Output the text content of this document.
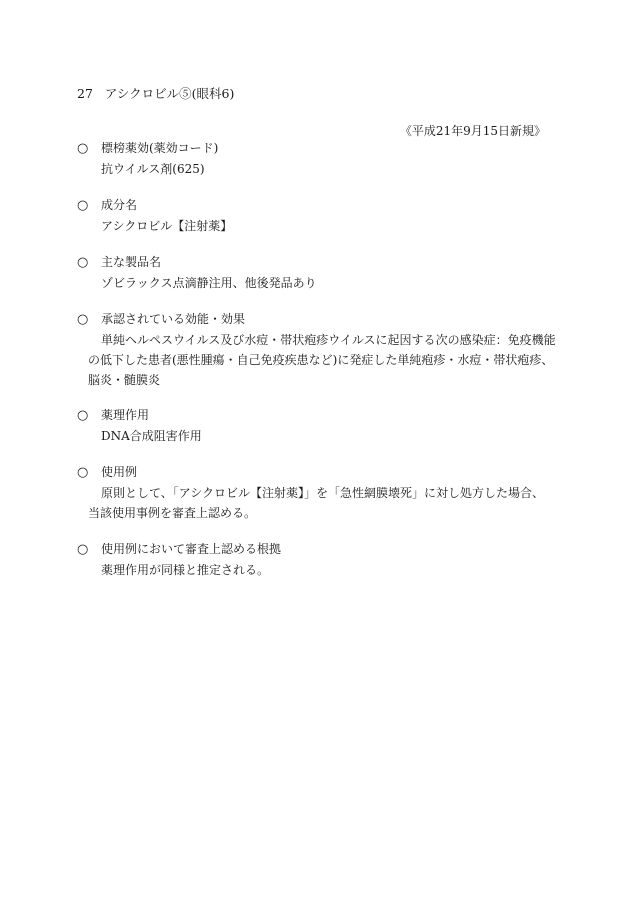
27 アシクロビル⑤(眼科6)
《平成21年9月15日新規》
○	標榜薬効(薬効コード)
抗ウイルス剤(625)
○	成分名
アシクロビル【注射薬】
○	主な製品名
ゾビラックス点滴静注用、他後発品あり
○	承認されている効能・効果
単純ヘルペスウイルス及び水痘・帯状疱疹ウイルスに起因する次の感染症：免疫機能
の低下した患者(悪性腫瘍・自己免疫疾患など)に発症した単純疱疹・水痘・帯状疱疹、
脳炎・髄膜炎
○	薬理作用
DNA合成阻害作用
○	使用例
原則として、「アシクロビル【注射薬】」を「急性網膜壊死」に対し処方した場合、
当該使用事例を審査上認める。
○	使用例において審査上認める根拠
薬理作用が同様と推定される。
